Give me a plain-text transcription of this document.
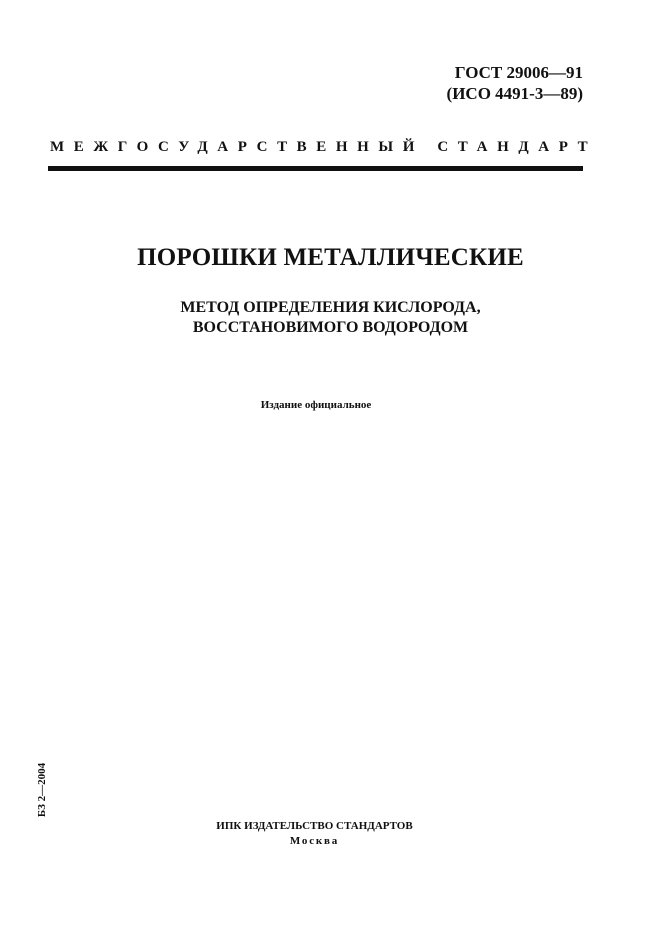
ГОСТ 29006—91
(ИСО 4491-3—89)
МЕЖГОСУДАРСТВЕННЫЙ СТАНДАРТ
ПОРОШКИ МЕТАЛЛИЧЕСКИЕ
МЕТОД ОПРЕДЕЛЕНИЯ КИСЛОРОДА,
ВОССТАНОВИМОГО ВОДОРОДОМ
Издание официальное
БЗ 2—2004
ИПК ИЗДАТЕЛЬСТВО СТАНДАРТОВ
Москва
